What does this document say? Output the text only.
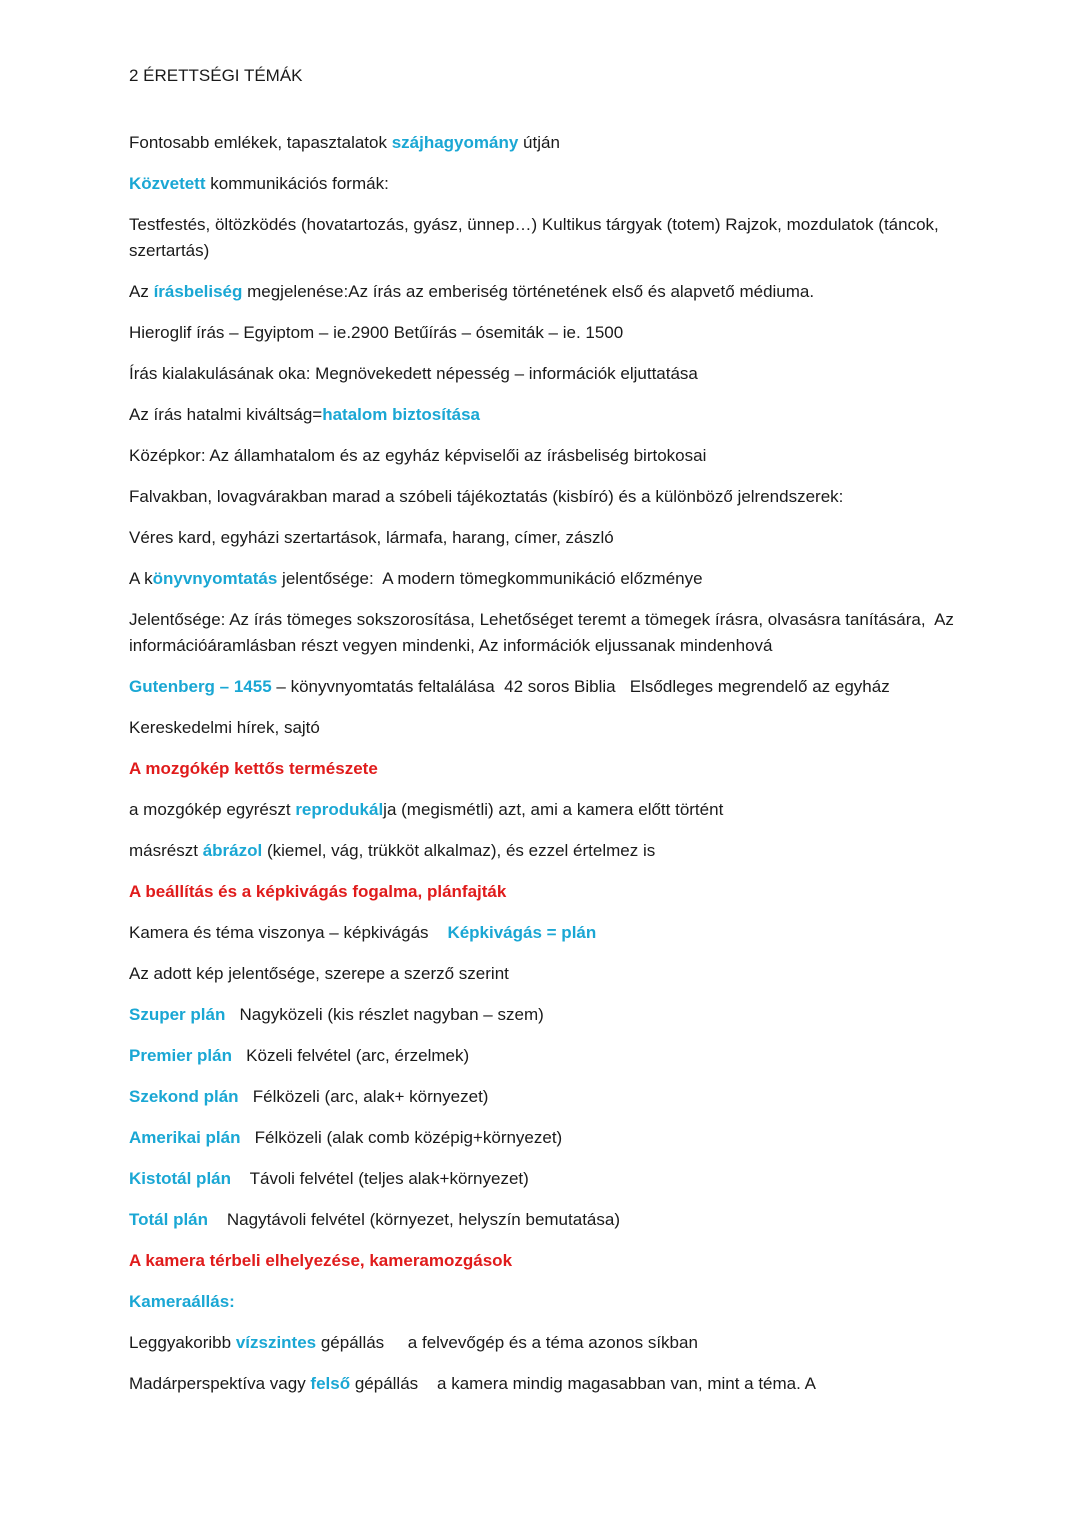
2 ÉRETTSÉGI TÉMÁK
Fontosabb emlékek, tapasztalatok szájhagyomány útján
Közvetett kommunikációs formák:
Testfestés, öltözködés (hovatartozás, gyász, ünnep…) Kultikus tárgyak (totem) Rajzok, mozdulatok (táncok, szertartás)
Az írásbeliség megjelenése:Az írás az emberiség történetének első és alapvető médiuma.
Hieroglif írás – Egyiptom – ie.2900 Betűírás – ósemiták – ie. 1500
Írás kialakulásának oka: Megnövekedett népesség – információk eljuttatása
Az írás hatalmi kiváltság=hatalom biztosítása
Középkor: Az államhatalom és az egyház képviselői az írásbeliség birtokosai
Falvakban, lovagvárakban marad a szóbeli tájékoztatás (kisbíró) és a különböző jelrendszerek:
Véres kard, egyházi szertartások, lármafa, harang, címer, zászló
A könyvnyomtatás jelentősége:  A modern tömegkommunikáció előzménye
Jelentősége: Az írás tömeges sokszorosítása, Lehetőséget teremt a tömegek írásra, olvasásra tanítására,  Az információáramlásban részt vegyen mindenki, Az információk eljussanak mindenhová
Gutenberg – 1455 – könyvnyomtatás feltalálása  42 soros Biblia   Elsődleges megrendelő az egyház
Kereskedelmi hírek, sajtó
A mozgókép kettős természete
a mozgókép egyrészt reprodukálja (megismétli) azt, ami a kamera előtt történt
másrészt ábrázol (kiemel, vág, trükköt alkalmaz), és ezzel értelmez is
A beállítás és a képkivágás fogalma, plánfajták
Kamera és téma viszonya – képkivágás    Képkivágás = plán
Az adott kép jelentősége, szerepe a szerző szerint
Szuper plán   Nagyközeli (kis részlet nagyban – szem)
Premier plán   Közeli felvétel (arc, érzelmek)
Szekond plán   Félközeli (arc, alak+ környezet)
Amerikai plán   Félközeli (alak comb középig+környezet)
Kistotál plán    Távoli felvétel (teljes alak+környezet)
Totál plán    Nagytávoli felvétel (környezet, helyszín bemutatása)
A kamera térbeli elhelyezése, kameramozgások
Kameraállás:
Leggyakoribb vízszintes gépállás     a felvevőgép és a téma azonos síkban
Madárperspektíva vagy felső gépállás    a kamera mindig magasabban van, mint a téma. A
